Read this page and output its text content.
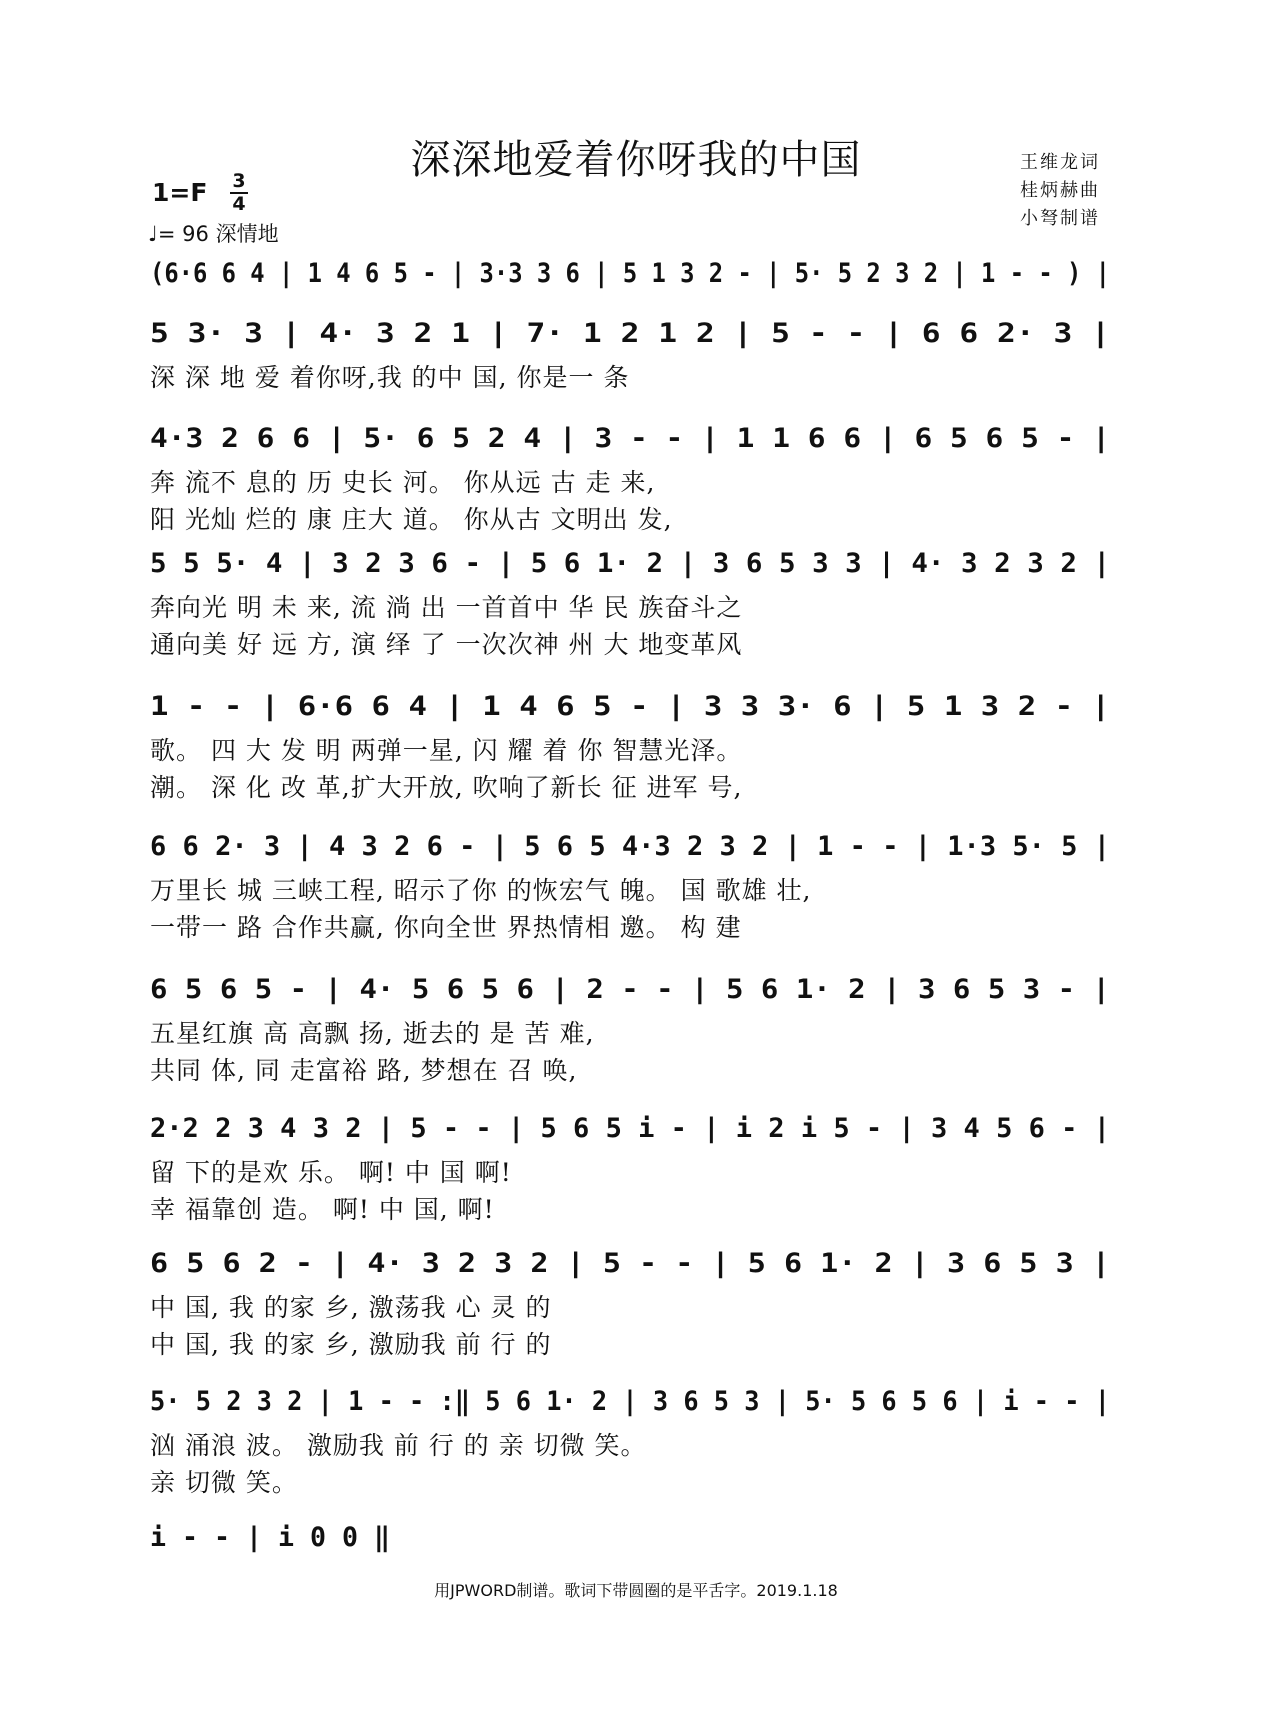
深深地爱着你呀我的中国
1=F 3
4
♩= 96 深情地
王维龙词
桂炳赫曲
小弩制谱
(6·6 6 4 | 1 4 6 5 - | 3·3 3 6 | 5 1 3 2 - | 5· 5 2 3 2 | 1 - - ) |
5 3· 3 | 4· 3 2 1 | 7· 1 2 1 2 | 5 - - | 6 6 2· 3 |
深 深 地 爱 着你呀,我 的中 国, 你是一 条
4·3 2 6 6 | 5· 6 5 2 4 | 3 - - | 1 1 6 6 | 6 5 6 5 - |
奔 流不 息的 历 史长 河。 你从远 古 走 来,
阳 光灿 烂的 康 庄大 道。 你从古 文明出 发,
5 5 5· 4 | 3 2 3 6 - | 5 6 1· 2 | 3 6 5 3 3 | 4· 3 2 3 2 |
奔向光 明 未 来, 流 淌 出 一首首中 华 民 族奋斗之
通向美 好 远 方, 演 绎 了 一次次神 州 大 地变革风
1 - - | 6·6 6 4 | 1 4 6 5 - | 3 3 3· 6 | 5 1 3 2 - |
歌。 四 大 发 明 两弹一星, 闪 耀 着 你 智慧光泽。
潮。 深 化 改 革,扩大开放, 吹响了新长 征 进军 号,
6 6 2· 3 | 4 3 2 6 - | 5 6 5 4·3 2 3 2 | 1 - - | 1·3 5· 5 |
万里长 城 三峡工程, 昭示了你 的恢宏气 魄。 国 歌雄 壮,
一带一 路 合作共赢, 你向全世 界热情相 邀。 构 建
6 5 6 5 - | 4· 5 6 5 6 | 2 - - | 5 6 1· 2 | 3 6 5 3 - |
五星红旗 高 高飘 扬, 逝去的 是 苦 难,
共同 体, 同 走富裕 路, 梦想在 召 唤,
2·2 2 3 4 3 2 | 5 - - | 5 6 5 i - | i 2 i 5 - | 3 4 5 6 - |
留 下的是欢 乐。 啊! 中 国 啊!
幸 福靠创 造。 啊! 中 国, 啊!
6 5 6 2 - | 4· 3 2 3 2 | 5 - - | 5 6 1· 2 | 3 6 5 3 |
中 国, 我 的家 乡, 激荡我 心 灵 的
中 国, 我 的家 乡, 激励我 前 行 的
5· 5 2 3 2 | 1 - - :‖ 5 6 1· 2 | 3 6 5 3 | 5· 5 6 5 6 | i - - |
汹 涌浪 波。 激励我 前 行 的 亲 切微 笑。
亲 切微 笑。
i - - | i 0 0 ‖
用JPWORD制谱。歌词下带圆圈的是平舌字。2019.1.18
